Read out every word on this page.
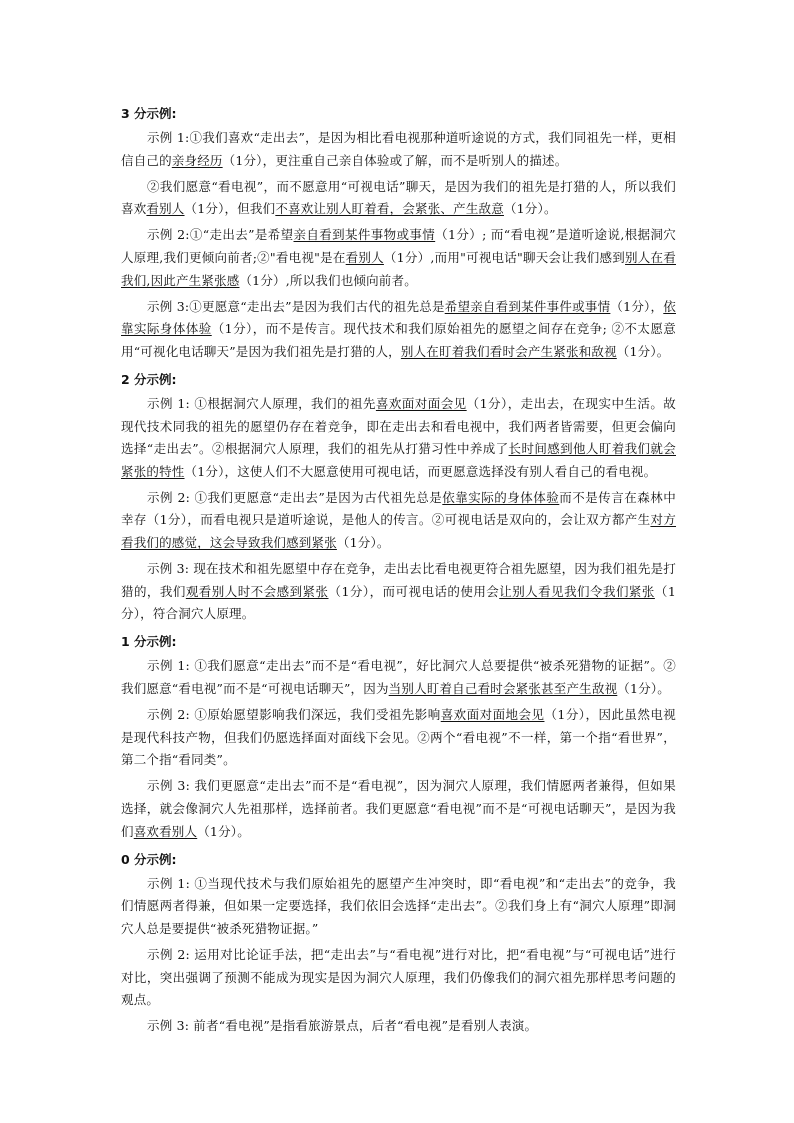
3 分示例:

示例 1:①我们喜欢“走出去”，是因为相比看电视那种道听途说的方式，我们同祖先一样，更相信自己的亲身经历（1分），更注重自己亲自体验或了解，而不是听别人的描述。

②我们愿意“看电视”，而不愿意用“可视电话”聊天，是因为我们的祖先是打猎的人，所以我们喜欢看别人（1分），但我们不喜欢让别人盯着看，会紧张、产生敌意（1分）。

示例 2:①“走出去”是希望亲自看到某件事物或事情（1分）; 而“看电视”是道听途说,根据洞穴人原理,我们更倾向前者;②"看电视"是在看别人（1分）,而用"可视电话"聊天会让我们感到别人在看我们,因此产生紧张感（1分）,所以我们也倾向前者。

示例 3:①更愿意“走出去”是因为我们古代的祖先总是希望亲自看到某件事件或事情（1分），依靠实际身体体验（1分），而不是传言。现代技术和我们原始祖先的愿望之间存在竞争; ②不太愿意用“可视化电话聊天”是因为我们祖先是打猎的人，别人在盯着我们看时会产生紧张和敌视（1分）。

2 分示例:

示例 1: ①根据洞穴人原理，我们的祖先喜欢面对面会见（1分），走出去，在现实中生活。故现代技术同我的祖先的愿望仍存在着竞争，即在走出去和看电视中，我们两者皆需要，但更会偏向选择“走出去”。②根据洞穴人原理，我们的祖先从打猎习性中养成了长时间感到他人盯着我们就会紧张的特性（1分），这使人们不大愿意使用可视电话，而更愿意选择没有别人看自己的看电视。

示例 2: ①我们更愿意“走出去”是因为古代祖先总是依靠实际的身体体验而不是传言在森林中幸存（1分），而看电视只是道听途说，是他人的传言。②可视电话是双向的，会让双方都产生对方看我们的感觉，这会导致我们感到紧张（1分）。

示例 3: 现在技术和祖先愿望中存在竞争，走出去比看电视更符合祖先愿望，因为我们祖先是打猎的，我们观看别人时不会感到紧张（1分），而可视电话的使用会让别人看见我们令我们紧张（1分），符合洞穴人原理。

1 分示例:

示例 1: ①我们愿意“走出去”而不是“看电视”，好比洞穴人总要提供“被杀死猎物的证据”。②我们愿意“看电视”而不是“可视电话聊天”，因为当别人盯着自己看时会紧张甚至产生敌视（1分）。

示例 2: ①原始愿望影响我们深远，我们受祖先影响喜欢面对面地会见（1分），因此虽然电视是现代科技产物，但我们仍愿选择面对面线下会见。②两个“看电视”不一样，第一个指“看世界”，第二个指“看同类”。

示例 3: 我们更愿意“走出去”而不是“看电视”，因为洞穴人原理，我们情愿两者兼得，但如果选择，就会像洞穴人先祖那样，选择前者。我们更愿意“看电视”而不是“可视电话聊天”，是因为我们喜欢看别人（1分）。

0 分示例:

示例 1: ①当现代技术与我们原始祖先的愿望产生冲突时，即“看电视”和“走出去”的竞争，我们情愿两者得兼，但如果一定要选择，我们依旧会选择“走出去”。②我们身上有“洞穴人原理”即洞穴人总是要提供“被杀死猎物证据。”

示例 2: 运用对比论证手法，把“走出去”与“看电视”进行对比，把“看电视”与“可视电话”进行对比，突出强调了预测不能成为现实是因为洞穴人原理，我们仍像我们的洞穴祖先那样思考问题的观点。

示例 3: 前者“看电视”是指看旅游景点，后者“看电视”是看别人表演。
